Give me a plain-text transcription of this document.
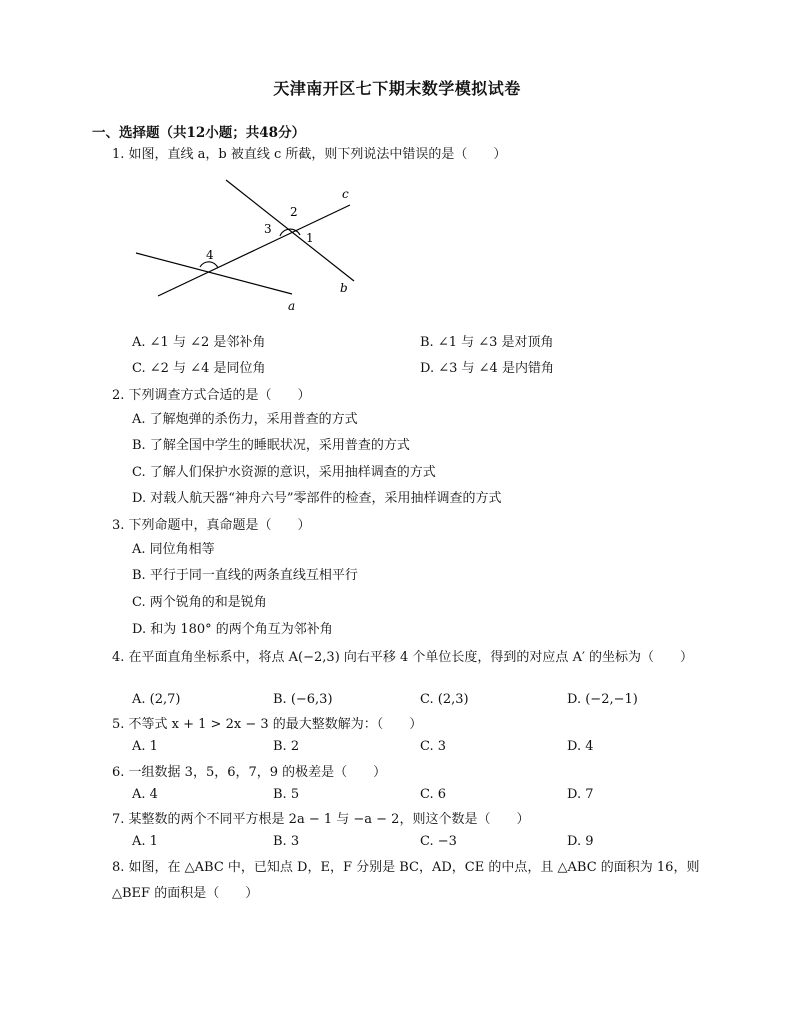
天津南开区七下期末数学模拟试卷
一、选择题（共12小题；共48分）
1. 如图，直线 a，b 被直线 c 所截，则下列说法中错误的是（　　）
c
2
3
1
4
b
a
A. ∠1 与 ∠2 是邻补角	B. ∠1 与 ∠3 是对顶角
C. ∠2 与 ∠4 是同位角	D. ∠3 与 ∠4 是内错角
2. 下列调查方式合适的是（　　）
A. 了解炮弹的杀伤力，采用普查的方式
B. 了解全国中学生的睡眠状况，采用普查的方式
C. 了解人们保护水资源的意识，采用抽样调查的方式
D. 对载人航天器“神舟六号”零部件的检查，采用抽样调查的方式
3. 下列命题中，真命题是（　　）
A. 同位角相等
B. 平行于同一直线的两条直线互相平行
C. 两个锐角的和是锐角
D. 和为 180° 的两个角互为邻补角
4. 在平面直角坐标系中，将点 A(−2,3) 向右平移 4 个单位长度，得到的对应点 A′ 的坐标为（　　）
A. (2,7)	B. (−6,3)	C. (2,3)	D. (−2,−1)
5. 不等式 x + 1 > 2x − 3 的最大整数解为：（　　）
A. 1	B. 2	C. 3	D. 4
6. 一组数据 3，5，6，7，9 的极差是（　　）
A. 4	B. 5	C. 6	D. 7
7. 某整数的两个不同平方根是 2a − 1 与 −a − 2，则这个数是（　　）
A. 1	B. 3	C. −3	D. 9
8. 如图，在 △ABC 中，已知点 D，E，F 分别是 BC，AD，CE 的中点，且 △ABC 的面积为 16，则 △BEF 的面积是（　　）
